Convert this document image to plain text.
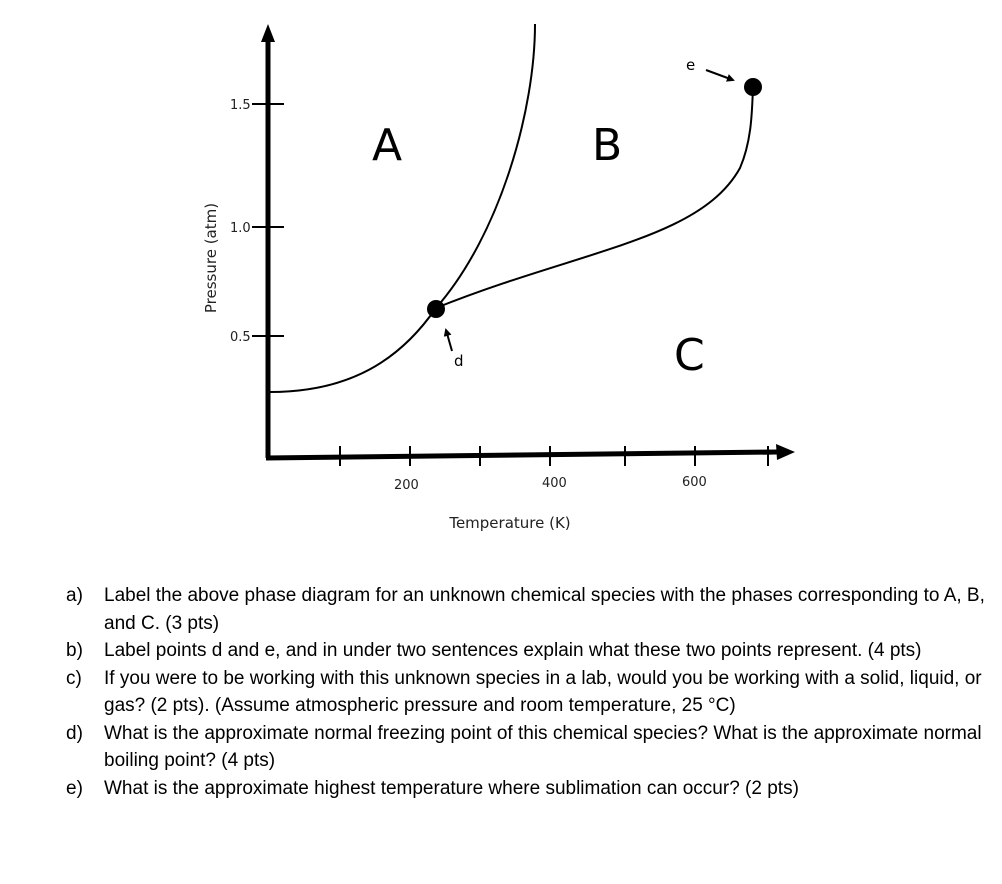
1.5
1.0
0.5
200	400	600
Pressure (atm)
Temperature (K)
d
e
A	B
C
a) Label the above phase diagram for an unknown chemical species with the phases corresponding to A, B, and C. (3 pts)
b) Label points d and e, and in under two sentences explain what these two points represent. (4 pts)
c) If you were to be working with this unknown species in a lab, would you be working with a solid, liquid, or gas? (2 pts). (Assume atmospheric pressure and room temperature, 25 °C)
d) What is the approximate normal freezing point of this chemical species? What is the approximate normal boiling point? (4 pts)
e) What is the approximate highest temperature where sublimation can occur? (2 pts)
